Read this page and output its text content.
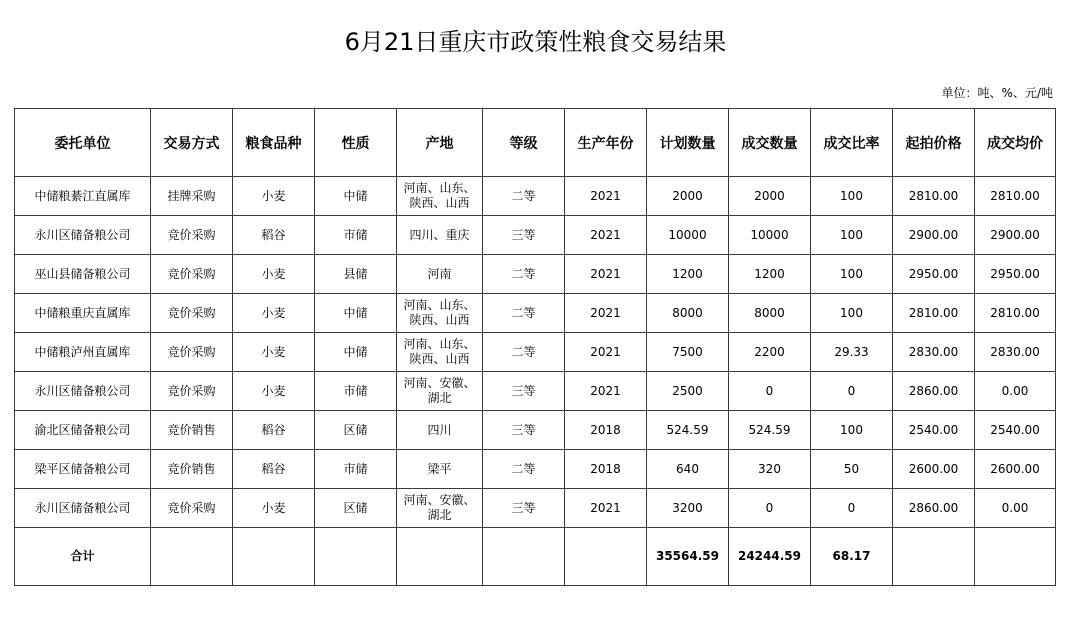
6月21日重庆市政策性粮食交易结果
单位：吨、%、元/吨
委托单位	交易方式	粮食品种	性质	产地	等级	生产年份	计划数量	成交数量	成交比率	起拍价格	成交均价
中储粮綦江直属库	挂牌采购	小麦	中储	河南、山东、陕西、山西	二等	2021	2000	2000	100	2810.00	2810.00
永川区储备粮公司	竞价采购	稻谷	市储	四川、重庆	三等	2021	10000	10000	100	2900.00	2900.00
巫山县储备粮公司	竞价采购	小麦	县储	河南	二等	2021	1200	1200	100	2950.00	2950.00
中储粮重庆直属库	竞价采购	小麦	中储	河南、山东、陕西、山西	二等	2021	8000	8000	100	2810.00	2810.00
中储粮泸州直属库	竞价采购	小麦	中储	河南、山东、陕西、山西	二等	2021	7500	2200	29.33	2830.00	2830.00
永川区储备粮公司	竞价采购	小麦	市储	河南、安徽、湖北	三等	2021	2500	0	0	2860.00	0.00
渝北区储备粮公司	竞价销售	稻谷	区储	四川	三等	2018	524.59	524.59	100	2540.00	2540.00
梁平区储备粮公司	竞价销售	稻谷	市储	梁平	二等	2018	640	320	50	2600.00	2600.00
永川区储备粮公司	竞价采购	小麦	区储	河南、安徽、湖北	三等	2021	3200	0	0	2860.00	0.00
合计							35564.59	24244.59	68.17		
